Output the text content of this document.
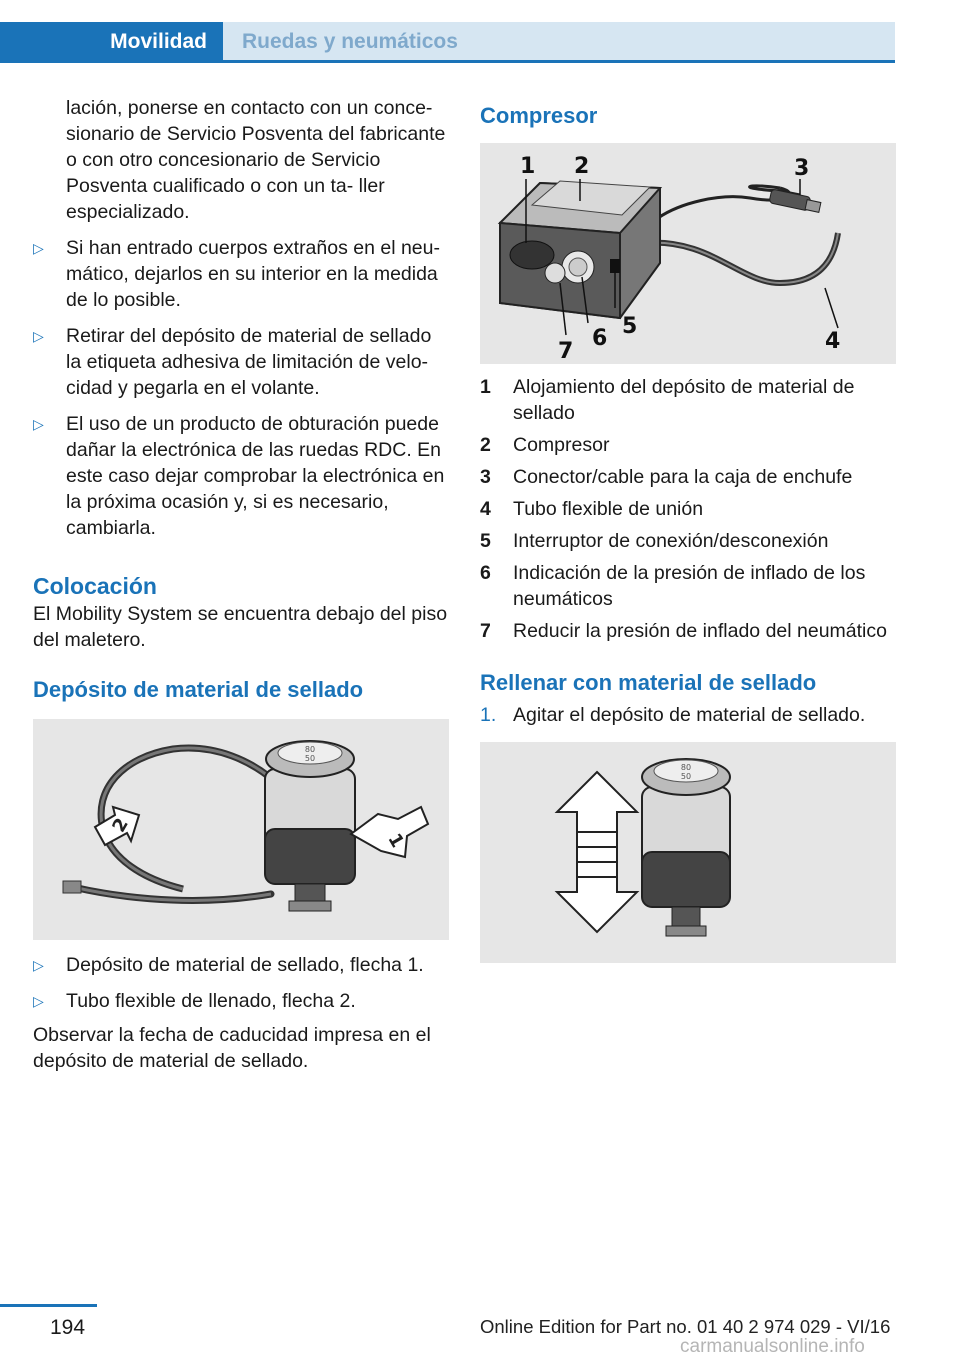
Movilidad	Ruedas y neumáticos
lación, ponerse en contacto con un conce- sionario de Servicio Posventa del fabricante o con otro concesionario de Servicio Posventa cualificado o con un ta- ller especializado.
▷	Si han entrado cuerpos extraños en el neu- mático, dejarlos en su interior en la medida de lo posible.
▷	Retirar del depósito de material de sellado la etiqueta adhesiva de limitación de velo- cidad y pegarla en el volante.
▷	El uso de un producto de obturación puede dañar la electrónica de las ruedas RDC. En este caso dejar comprobar la electrónica en la próxima ocasión y, si es necesario, cambiarla.
Colocación
El Mobility System se encuentra debajo del piso del maletero.
Depósito de material de sellado
80
50
1
2
▷	Depósito de material de sellado, flecha 1.
▷	Tubo flexible de llenado, flecha 2.
Observar la fecha de caducidad impresa en el depósito de material de sellado.
Compresor
1 2	3
4
5
6
7
1	Alojamiento del depósito de material de sellado
2	Compresor
3	Conector/cable para la caja de enchufe
4	Tubo flexible de unión
5	Interruptor de conexión/desconexión
6	Indicación de la presión de inflado de los neumáticos
7	Reducir la presión de inflado del neumático
Rellenar con material de sellado
1. Agitar el depósito de material de sellado.
80
50
194	Online Edition for Part no. 01 40 2 974 029 - VI/16
carmanualsonline.info
